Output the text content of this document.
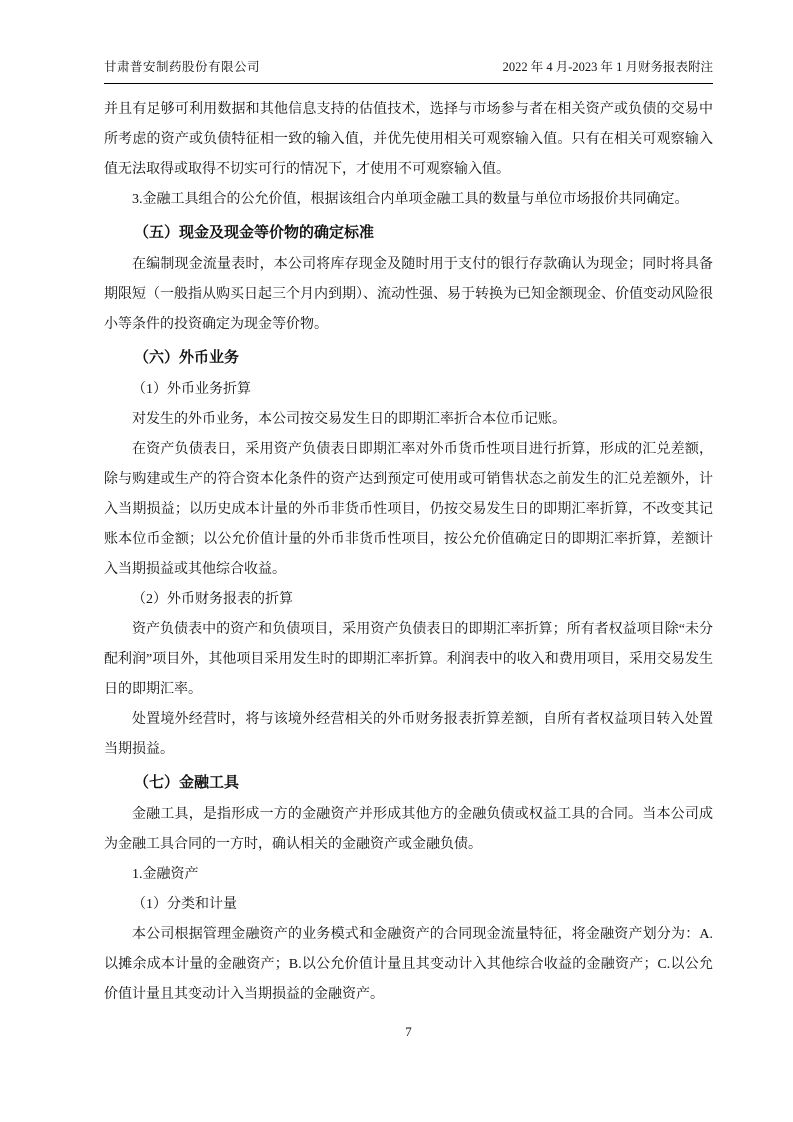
甘肃普安制药股份有限公司	2022 年 4 月-2023 年 1 月财务报表附注

并且有足够可利用数据和其他信息支持的估值技术，选择与市场参与者在相关资产或负债的交易中所考虑的资产或负债特征相一致的输入值，并优先使用相关可观察输入值。只有在相关可观察输入值无法取得或取得不切实可行的情况下，才使用不可观察输入值。

3.金融工具组合的公允价值，根据该组合内单项金融工具的数量与单位市场报价共同确定。

（五）现金及现金等价物的确定标准

在编制现金流量表时，本公司将库存现金及随时用于支付的银行存款确认为现金；同时将具备期限短（一般指从购买日起三个月内到期）、流动性强、易于转换为已知金额现金、价值变动风险很小等条件的投资确定为现金等价物。

（六）外币业务

（1）外币业务折算

对发生的外币业务，本公司按交易发生日的即期汇率折合本位币记账。

在资产负债表日，采用资产负债表日即期汇率对外币货币性项目进行折算，形成的汇兑差额，除与购建或生产的符合资本化条件的资产达到预定可使用或可销售状态之前发生的汇兑差额外，计入当期损益；以历史成本计量的外币非货币性项目，仍按交易发生日的即期汇率折算，不改变其记账本位币金额；以公允价值计量的外币非货币性项目，按公允价值确定日的即期汇率折算，差额计入当期损益或其他综合收益。

（2）外币财务报表的折算

资产负债表中的资产和负债项目，采用资产负债表日的即期汇率折算；所有者权益项目除“未分配利润”项目外，其他项目采用发生时的即期汇率折算。利润表中的收入和费用项目，采用交易发生日的即期汇率。

处置境外经营时，将与该境外经营相关的外币财务报表折算差额，自所有者权益项目转入处置当期损益。

（七）金融工具

金融工具，是指形成一方的金融资产并形成其他方的金融负债或权益工具的合同。当本公司成为金融工具合同的一方时，确认相关的金融资产或金融负债。

1.金融资产

（1）分类和计量

本公司根据管理金融资产的业务模式和金融资产的合同现金流量特征，将金融资产划分为：A.以摊余成本计量的金融资产；B.以公允价值计量且其变动计入其他综合收益的金融资产；C.以公允价值计量且其变动计入当期损益的金融资产。

7
